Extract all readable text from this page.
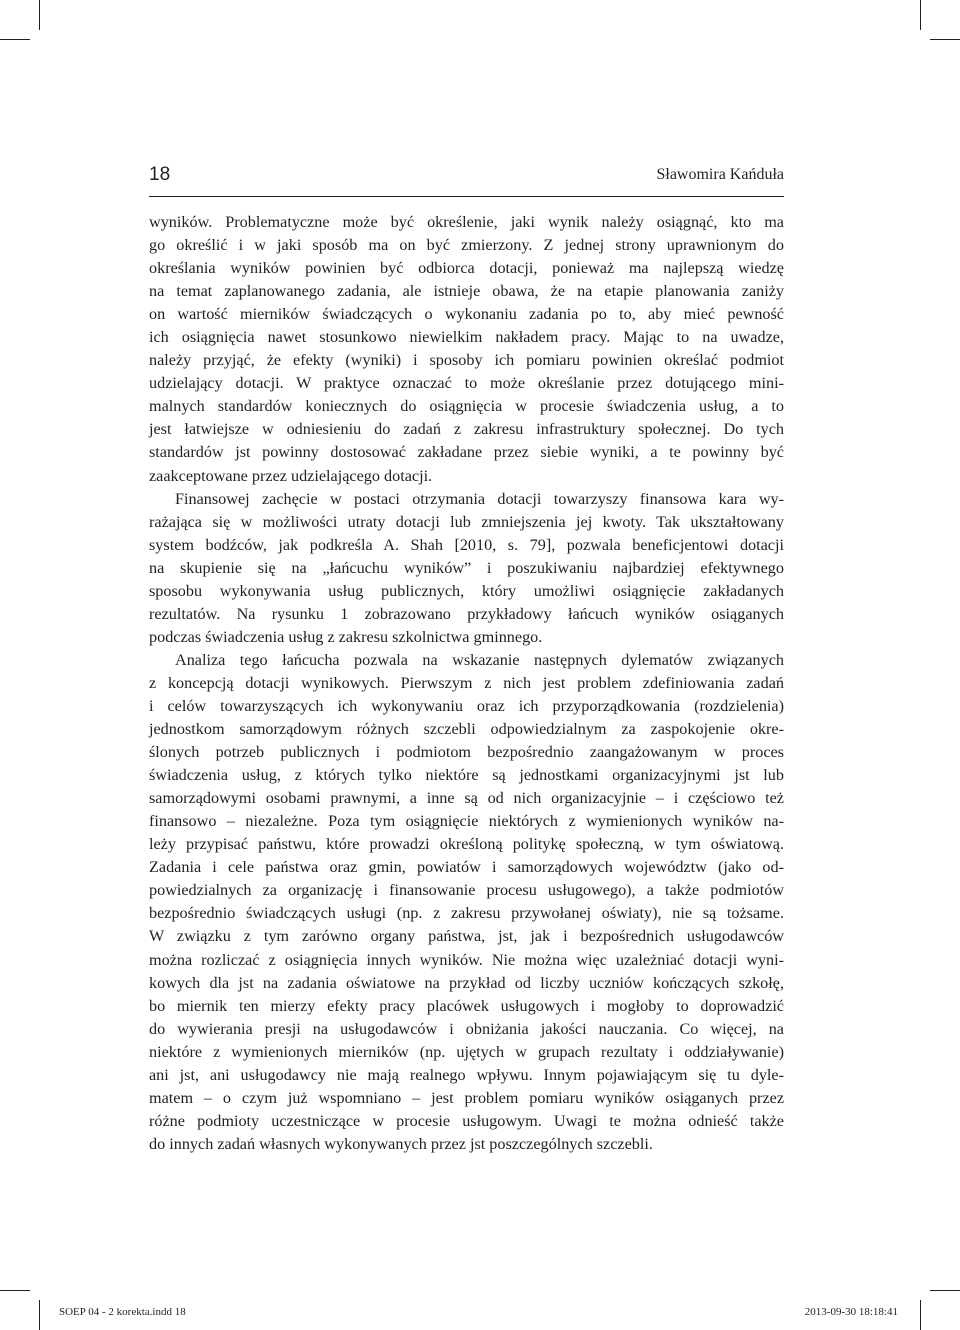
18	Sławomira Kańduła
wyników. Problematyczne może być określenie, jaki wynik należy osiągnąć, kto ma
go określić i w jaki sposób ma on być zmierzony. Z jednej strony uprawnionym do
określania wyników powinien być odbiorca dotacji, ponieważ ma najlepszą wiedzę
na temat zaplanowanego zadania, ale istnieje obawa, że na etapie planowania zaniży
on wartość mierników świadczących o wykonaniu zadania po to, aby mieć pewność
ich osiągnięcia nawet stosunkowo niewielkim nakładem pracy. Mając to na uwadze,
należy przyjąć, że efekty (wyniki) i sposoby ich pomiaru powinien określać podmiot
udzielający dotacji. W praktyce oznaczać to może określanie przez dotującego mini-
malnych standardów koniecznych do osiągnięcia w procesie świadczenia usług, a to
jest łatwiejsze w odniesieniu do zadań z zakresu infrastruktury społecznej. Do tych
standardów jst powinny dostosować zakładane przez siebie wyniki, a te powinny być
zaakceptowane przez udzielającego dotacji.
Finansowej zachęcie w postaci otrzymania dotacji towarzyszy finansowa kara wy-
rażająca się w możliwości utraty dotacji lub zmniejszenia jej kwoty. Tak ukształtowany
system bodźców, jak podkreśla A. Shah [2010, s. 79], pozwala beneficjentowi dotacji
na skupienie się na „łańcuchu wyników” i poszukiwaniu najbardziej efektywnego
sposobu wykonywania usług publicznych, który umożliwi osiągnięcie zakładanych
rezultatów. Na rysunku 1 zobrazowano przykładowy łańcuch wyników osiąganych
podczas świadczenia usług z zakresu szkolnictwa gminnego.
Analiza tego łańcucha pozwala na wskazanie następnych dylematów związanych
z koncepcją dotacji wynikowych. Pierwszym z nich jest problem zdefiniowania zadań
i celów towarzyszących ich wykonywaniu oraz ich przyporządkowania (rozdzielenia)
jednostkom samorządowym różnych szczebli odpowiedzialnym za zaspokojenie okre-
ślonych potrzeb publicznych i podmiotom bezpośrednio zaangażowanym w proces
świadczenia usług, z których tylko niektóre są jednostkami organizacyjnymi jst lub
samorządowymi osobami prawnymi, a inne są od nich organizacyjnie – i częściowo też
finansowo – niezależne. Poza tym osiągnięcie niektórych z wymienionych wyników na-
leży przypisać państwu, które prowadzi określoną politykę społeczną, w tym oświatową.
Zadania i cele państwa oraz gmin, powiatów i samorządowych województw (jako od-
powiedzialnych za organizację i finansowanie procesu usługowego), a także podmiotów
bezpośrednio świadczących usługi (np. z zakresu przywołanej oświaty), nie są tożsame.
W związku z tym zarówno organy państwa, jst, jak i bezpośrednich usługodawców
można rozliczać z osiągnięcia innych wyników. Nie można więc uzależniać dotacji wyni-
kowych dla jst na zadania oświatowe na przykład od liczby uczniów kończących szkołę,
bo miernik ten mierzy efekty pracy placówek usługowych i mogłoby to doprowadzić
do wywierania presji na usługodawców i obniżania jakości nauczania. Co więcej, na
niektóre z wymienionych mierników (np. ujętych w grupach rezultaty i oddziaływanie)
ani jst, ani usługodawcy nie mają realnego wpływu. Innym pojawiającym się tu dyle-
matem – o czym już wspomniano – jest problem pomiaru wyników osiąganych przez
różne podmioty uczestniczące w procesie usługowym. Uwagi te można odnieść także
do innych zadań własnych wykonywanych przez jst poszczególnych szczebli.
SOEP 04 - 2 korekta.indd 18	2013-09-30 18:18:41
